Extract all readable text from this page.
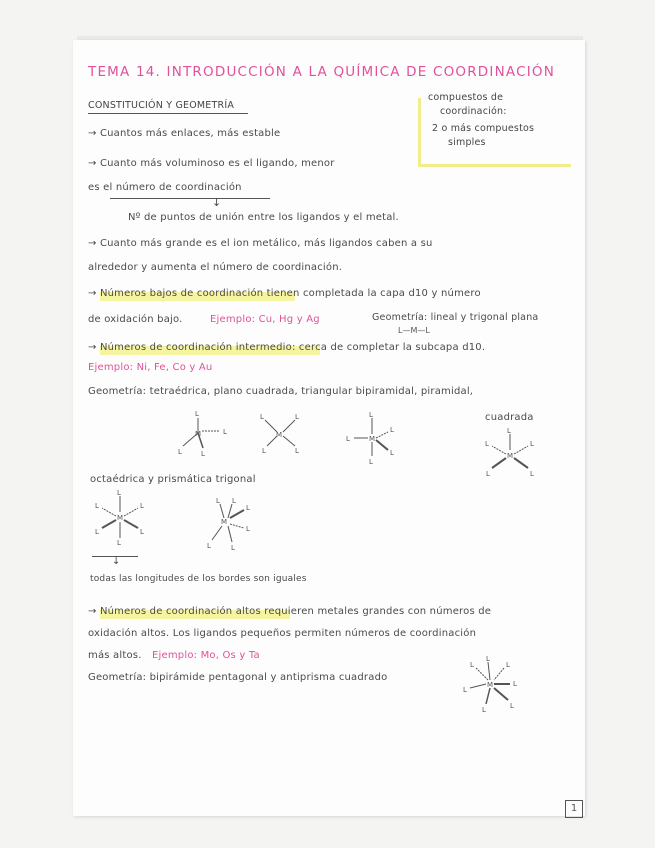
TEMA 14. INTRODUCCIÓN A LA QUÍMICA DE COORDINACIÓN
CONSTITUCIÓN Y GEOMETRÍA
compuestos de
coordinación:
2 o más compuestos
simples
→ Cuantos más enlaces, más estable
→ Cuanto más voluminoso es el ligando, menor
es el número de coordinación
↓
Nº de puntos de unión entre los ligandos y el metal.
→ Cuanto más grande es el ion metálico, más ligandos caben a su
alrededor y aumenta el número de coordinación.
→ Números bajos de coordinación tienen completada la capa d10 y número
de oxidación bajo.	Ejemplo: Cu, Hg y Ag	Geometría: lineal y trigonal plana
L—M—L
→ Números de coordinación intermedio: cerca de completar la subcapa d10.
Ejemplo: Ni, Fe, Co y Au
Geometría: tetraédrica, plano cuadrada, triangular bipiramidal, piramidal,
cuadrada
M
L
L
L	L
M
L	L
L	L
M
L
L
L
L
L
M
L
L	L
L	L
octaédrica y prismática trigonal
M
L
L	L
L	L
L
M
L L
L
L
L	L
↓
todas las longitudes de los bordes son iguales
→ Números de coordinación altos requieren metales grandes con números de
oxidación altos. Los ligandos pequeños permiten números de coordinación
más altos. Ejemplo: Mo, Os y Ta
Geometría: bipirámide pentagonal y antiprisma cuadrado
M
L
L	L
L
L
L	L
1
